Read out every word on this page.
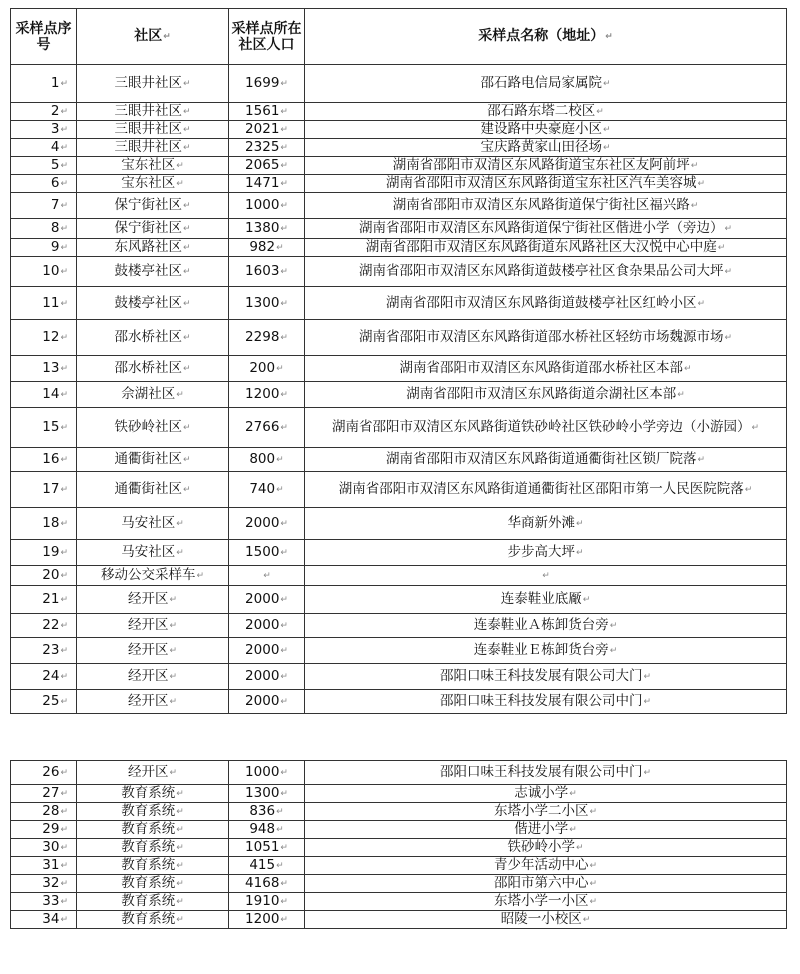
采样点序号	社区↵	采样点所在社区人口	采样点名称（地址）↵
1↵	三眼井社区↵	1699↵	邵石路电信局家属院↵
2↵	三眼井社区↵	1561↵	邵石路东塔二校区↵
3↵	三眼井社区↵	2021↵	建设路中央豪庭小区↵
4↵	三眼井社区↵	2325↵	宝庆路黄家山田径场↵
5↵	宝东社区↵	2065↵	湖南省邵阳市双清区东风路街道宝东社区友阿前坪↵
6↵	宝东社区↵	1471↵	湖南省邵阳市双清区东风路街道宝东社区汽车美容城↵
7↵	保宁街社区↵	1000↵	湖南省邵阳市双清区东风路街道保宁街社区福兴路↵
8↵	保宁街社区↵	1380↵	湖南省邵阳市双清区东风路街道保宁街社区偕进小学（旁边）↵
9↵	东风路社区↵	982↵	湖南省邵阳市双清区东风路街道东风路社区大汉悦中心中庭↵
10↵	鼓楼亭社区↵	1603↵	湖南省邵阳市双清区东风路街道鼓楼亭社区食杂果品公司大坪↵
11↵	鼓楼亭社区↵	1300↵	湖南省邵阳市双清区东风路街道鼓楼亭社区红岭小区↵
12↵	邵水桥社区↵	2298↵	湖南省邵阳市双清区东风路街道邵水桥社区轻纺市场魏源市场↵
13↵	邵水桥社区↵	200↵	湖南省邵阳市双清区东风路街道邵水桥社区本部↵
14↵	佘湖社区↵	1200↵	湖南省邵阳市双清区东风路街道佘湖社区本部↵
15↵	铁砂岭社区↵	2766↵	湖南省邵阳市双清区东风路街道铁砂岭社区铁砂岭小学旁边（小游园）↵
16↵	通衢街社区↵	800↵	湖南省邵阳市双清区东风路街道通衢街社区锁厂院落↵
17↵	通衢街社区↵	740↵	湖南省邵阳市双清区东风路街道通衢街社区邵阳市第一人民医院院落↵
18↵	马安社区↵	2000↵	华商新外滩↵
19↵	马安社区↵	1500↵	步步高大坪↵
20↵	移动公交采样车↵	↵	↵
21↵	经开区↵	2000↵	连泰鞋业底厰↵
22↵	经开区↵	2000↵	连泰鞋业Ａ栋卸货台旁↵
23↵	经开区↵	2000↵	连泰鞋业Ｅ栋卸货台旁↵
24↵	经开区↵	2000↵	邵阳口味王科技发展有限公司大门↵
25↵	经开区↵	2000↵	邵阳口味王科技发展有限公司中门↵
26↵	经开区↵	1000↵	邵阳口味王科技发展有限公司中门↵
27↵	教育系统↵	1300↵	志诚小学↵
28↵	教育系统↵	836↵	东塔小学二小区↵
29↵	教育系统↵	948↵	偕进小学↵
30↵	教育系统↵	1051↵	铁砂岭小学↵
31↵	教育系统↵	415↵	青少年活动中心↵
32↵	教育系统↵	4168↵	邵阳市第六中心↵
33↵	教育系统↵	1910↵	东塔小学一小区↵
34↵	教育系统↵	1200↵	昭陵一小校区↵
